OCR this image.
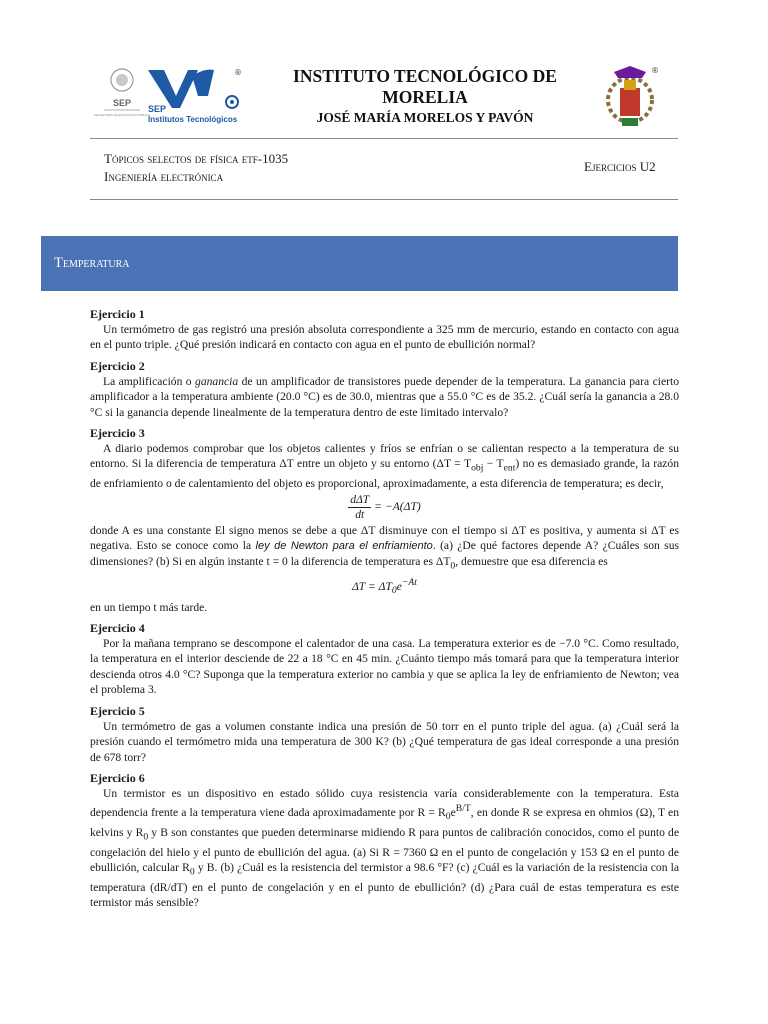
SEP
SECRETARÍA DE EDUCACIÓN PÚBLICA
SEP
Institutos Tecnológicos
®	INSTITUTO TECNOLÓGICO DE
MORELIA
JOSÉ MARÍA MORELOS Y PAVÓN
®
Tópicos selectos de física etf-1035
Ingeniería electrónica
Ejercicios U2
Temperatura
Ejercicio 1
Un termómetro de gas registró una presión absoluta correspondiente a 325 mm de mercurio, estando en contacto con agua en el punto triple. ¿Qué presión indicará en contacto con agua en el punto de ebullición normal?
Ejercicio 2
La amplificación o ganancia de un amplificador de transistores puede depender de la temperatura. La ganancia para cierto amplificador a la temperatura ambiente (20.0 °C) es de 30.0, mientras que a 55.0 °C es de 35.2. ¿Cuál sería la ganancia a 28.0 °C si la ganancia depende linealmente de la temperatura dentro de este limitado intervalo?
Ejercicio 3
A diario podemos comprobar que los objetos calientes y fríos se enfrían o se calientan respecto a la temperatura de su entorno. Si la diferencia de temperatura ΔT entre un objeto y su entorno $(\Delta T = T_{obj} - T_{ent})$ no es demasiado grande, la razón de enfriamiento o de calentamiento del objeto es proporcional, aproximadamente, a esta diferencia de temperatura; es decir,
$\frac{\text{dΔT}}{dt} = -A(\Delta T)$
donde A es una constante El signo menos se debe a que ΔT disminuye con el tiempo si ΔT es positiva, y aumenta si ΔT es negativa. Esto se conoce como la ley de Newton para el enfriamiento. (a) ¿De qué factores depende A? ¿Cuáles son sus dimensiones? (b) Si en algún instante t = 0 la diferencia de temperatura es $\Delta T_0$, demuestre que esa diferencia es
$\Delta T = \Delta T_0e^{-At}$
en un tiempo t más tarde.
Ejercicio 4
Por la mañana temprano se descompone el calentador de una casa. La temperatura exterior es de −7.0 °C. Como resultado, la temperatura en el interior desciende de 22 a 18 °C en 45 min. ¿Cuánto tiempo más tomará para que la temperatura interior descienda otros 4.0 °C? Suponga que la temperatura exterior no cambia y que se aplica la ley de enfriamiento de Newton; vea el problema 3.
Ejercicio 5
Un termómetro de gas a volumen constante indica una presión de 50 torr en el punto triple del agua. (a) ¿Cuál será la presión cuando el termómetro mida una temperatura de 300 K? (b) ¿Qué temperatura de gas ideal corresponde a una presión de 678 torr?
Ejercicio 6
Un termistor es un dispositivo en estado sólido cuya resistencia varía considerablemente con la temperatura. Esta dependencia frente a la temperatura viene dada aproximadamente por $R = R_0e^{B/T}$, en donde R se expresa en ohmios (Ω), T en kelvins y $R_0$ y B son constantes que pueden determinarse midiendo R para puntos de calibración conocidos, como el punto de congelación del hielo y el punto de ebullición del agua. (a) Si R = 7360 Ω en el punto de congelación y 153 Ω en el punto de ebullición, calcular $R_0$ y B. (b) ¿Cuál es la resistencia del termistor a 98.6 °F? (c) ¿Cuál es la variación de la resistencia con la temperatura (dR/dT) en el punto de congelación y en el punto de ebullición? (d) ¿Para cuál de estas temperatura es este termistor más sensible?
